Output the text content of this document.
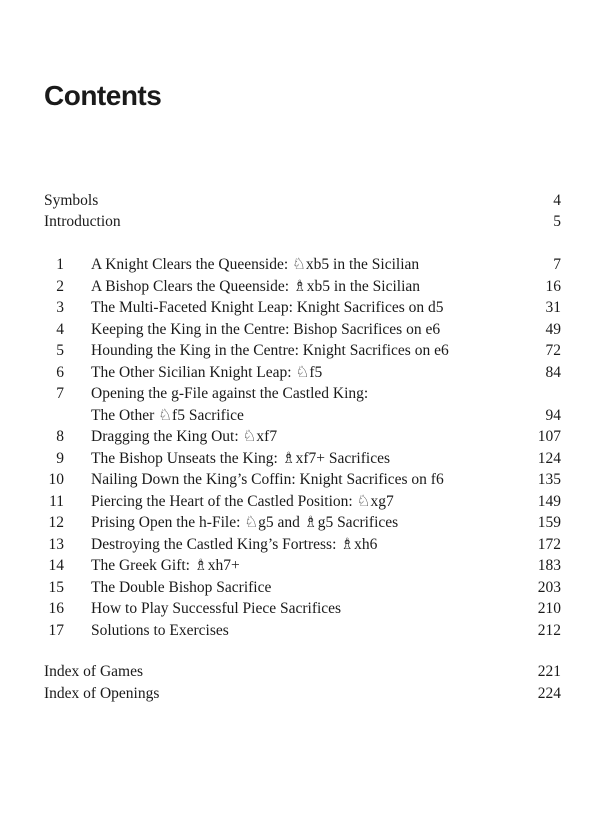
Contents
Symbols	4
Introduction	5
1 A Knight Clears the Queenside: ♘xb5 in the Sicilian	7
2 A Bishop Clears the Queenside: ♗xb5 in the Sicilian	16
3 The Multi-Faceted Knight Leap: Knight Sacrifices on d5	31
4 Keeping the King in the Centre: Bishop Sacrifices on e6	49
5 Hounding the King in the Centre: Knight Sacrifices on e6	72
6 The Other Sicilian Knight Leap: ♘f5	84
7 Opening the g-File against the Castled King:
The Other ♘f5 Sacrifice	94
8 Dragging the King Out: ♘xf7	107
9 The Bishop Unseats the King: ♗xf7+ Sacrifices	124
10 Nailing Down the King’s Coffin: Knight Sacrifices on f6	135
11 Piercing the Heart of the Castled Position: ♘xg7	149
12 Prising Open the h-File: ♘g5 and ♗g5 Sacrifices	159
13 Destroying the Castled King’s Fortress: ♗xh6	172
14 The Greek Gift: ♗xh7+	183
15 The Double Bishop Sacrifice	203
16 How to Play Successful Piece Sacrifices	210
17 Solutions to Exercises	212
Index of Games	221
Index of Openings	224
